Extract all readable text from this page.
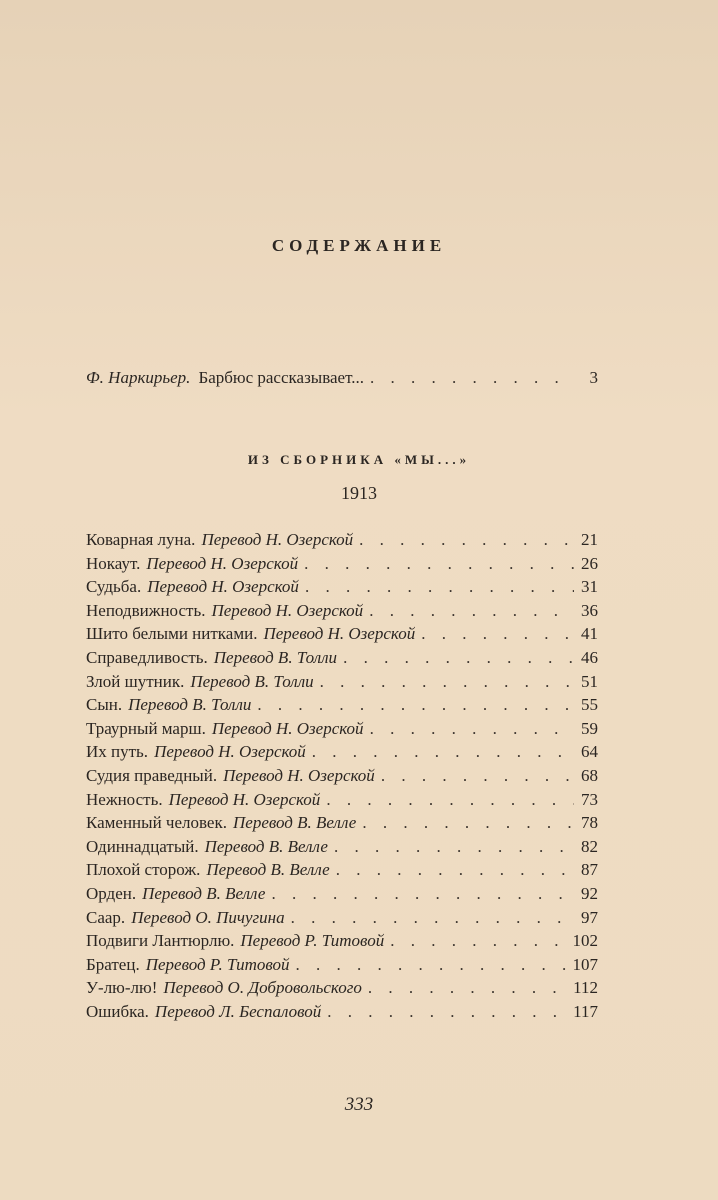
СОДЕРЖАНИЕ
Ф. Наркирьер. Барбюс рассказывает... . . .	3
ИЗ СБОРНИКА «МЫ...»
1913
Коварная луна. Перевод Н. Озерской . . .	21
Нокаут. Перевод Н. Озерской . . .	26
Судьба. Перевод Н. Озерской . . .	31
Неподвижность. Перевод Н. Озерской . . .	36
Шито белыми нитками. Перевод Н. Озерской . . .	41
Справедливость. Перевод В. Толли . . .	46
Злой шутник. Перевод В. Толли . . .	51
Сын. Перевод В. Толли . . .	55
Траурный марш. Перевод Н. Озерской . . .	59
Их путь. Перевод Н. Озерской . . .	64
Судия праведный. Перевод Н. Озерской . . .	68
Нежность. Перевод Н. Озерской . . .	73
Каменный человек. Перевод В. Велле . . .	78
Одиннадцатый. Перевод В. Велле . . .	82
Плохой сторож. Перевод В. Велле . . .	87
Орден. Перевод В. Велле . . .	92
Саар. Перевод О. Пичугина . . .	97
Подвиги Лантюрлю. Перевод Р. Титовой . . .	102
Братец. Перевод Р. Титовой . . .	107
У-лю-лю! Перевод О. Добровольского . . .	112
Ошибка. Перевод Л. Беспаловой . . .	117
333
